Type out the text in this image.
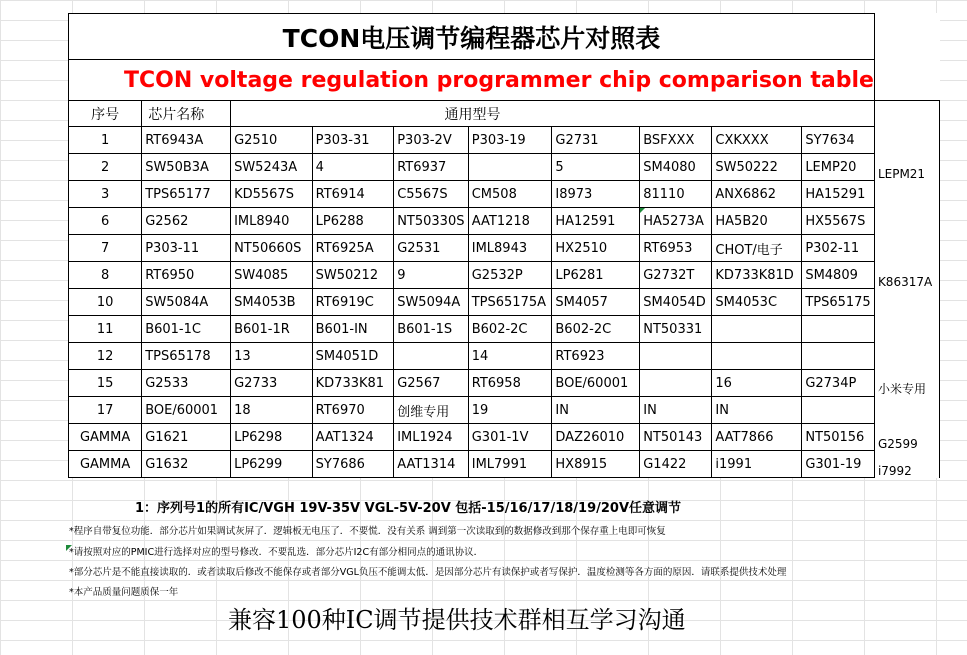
TCON电压调节编程器芯片对照表										
TCON voltage regulation programmer chip comparison table										
序号	芯片名称	通用型号								
1	RT6943A	G2510	P303-31	P303-2V	P303-19	G2731	BSFXXX	CXKXXX	SY7634	
2	SW50B3A	SW5243A	4	RT6937		5	SM4080	SW50222	LEMP20	LEPM21
3	TPS65177	KD5567S	RT6914	C5567S	CM508	I8973	81110	ANX6862	HA15291	
6	G2562	IML8940	LP6288	NT50330S	AAT1218	HA12591	HA5273A	HA5B20	HX5567S	
7	P303-11	NT50660S	RT6925A	G2531	IML8943	HX2510	RT6953	CHOT/电子	P302-11	
8	RT6950	SW4085	SW50212	9	G2532P	LP6281	G2732T	KD733K81D	SM4809	K86317A
10	SW5084A	SM4053B	RT6919C	SW5094A	TPS65175A	SM4057	SM4054D	SM4053C	TPS65175	
11	B601-1C	B601-1R	B601-IN	B601-1S	B602-2C	B602-2C	NT50331			
12	TPS65178	13	SM4051D		14	RT6923				
15	G2533	G2733	KD733K81	G2567	RT6958	BOE/60001		16	G2734P	小米专用
17	BOE/60001	18	RT6970	创维专用	19	IN	IN	IN		
GAMMA	G1621	LP6298	AAT1324	IML1924	G301-1V	DAZ26010	NT50143	AAT7866	NT50156	G2599
GAMMA	G1632	LP6299	SY7686	AAT1314	IML7991	HX8915	G1422	i1991	G301-19	i7992
1：序列号1的所有IC/VGH 19V-35V VGL-5V-20V 包括-15/16/17/18/19/20V任意调节
*程序自带复位功能．部分芯片如果调试灰屏了．逻辑板无电压了．不要慌．没有关系 调到第一次读取到的数据修改到那个保存重上电即可恢复
*请按照对应的PMIC进行选择对应的型号修改．不要乱选．部分芯片I2C有部分相同点的通讯协议．
*部分芯片是不能直接读取的．或者读取后修改不能保存或者部分VGL负压不能调太低．是因部分芯片有读保护或者写保护．温度检测等各方面的原因．请联系提供技术处理
*本产品质量问题质保一年
兼容100种IC调节提供技术群相互学习沟通
